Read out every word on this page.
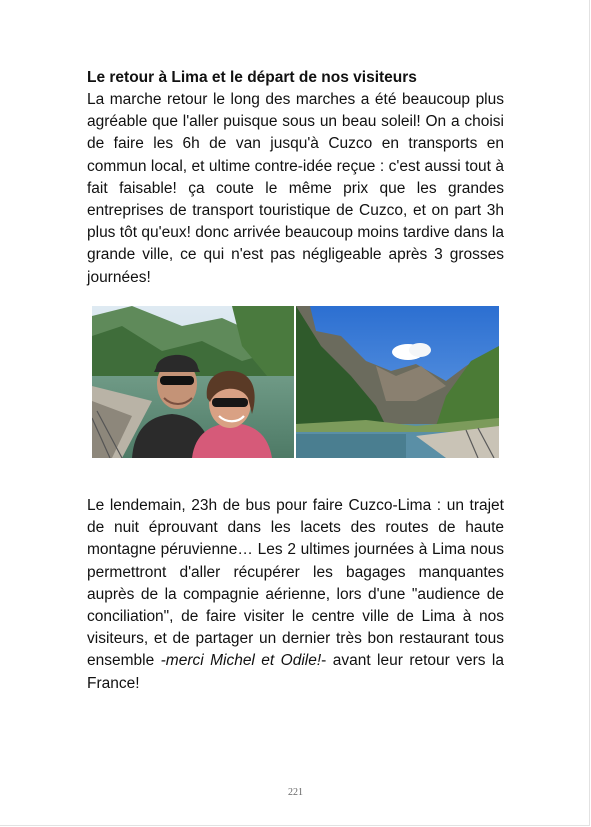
Le retour à Lima et le départ de nos visiteurs

La marche retour le long des marches a été beaucoup plus agréable que l'aller puisque sous un beau soleil! On a choisi de faire les 6h de van jusqu'à Cuzco en transports en commun local, et ultime contre-idée reçue : c'est aussi tout à fait faisable! ça coute le même prix que les grandes entreprises de transport touristique de Cuzco, et on part 3h plus tôt qu'eux! donc arrivée beaucoup moins tardive dans la grande ville, ce qui n'est pas négligeable après 3 grosses journées!

Le lendemain, 23h de bus pour faire Cuzco-Lima : un trajet de nuit éprouvant dans les lacets des routes de haute montagne péruvienne… Les 2 ultimes journées à Lima nous permettront d'aller récupérer les bagages manquantes auprès de la compagnie aérienne, lors d'une "audience de conciliation", de faire visiter le centre ville de Lima à nos visiteurs, et de partager un dernier très bon restaurant tous ensemble -merci Michel et Odile!- avant leur retour vers la France!

221
